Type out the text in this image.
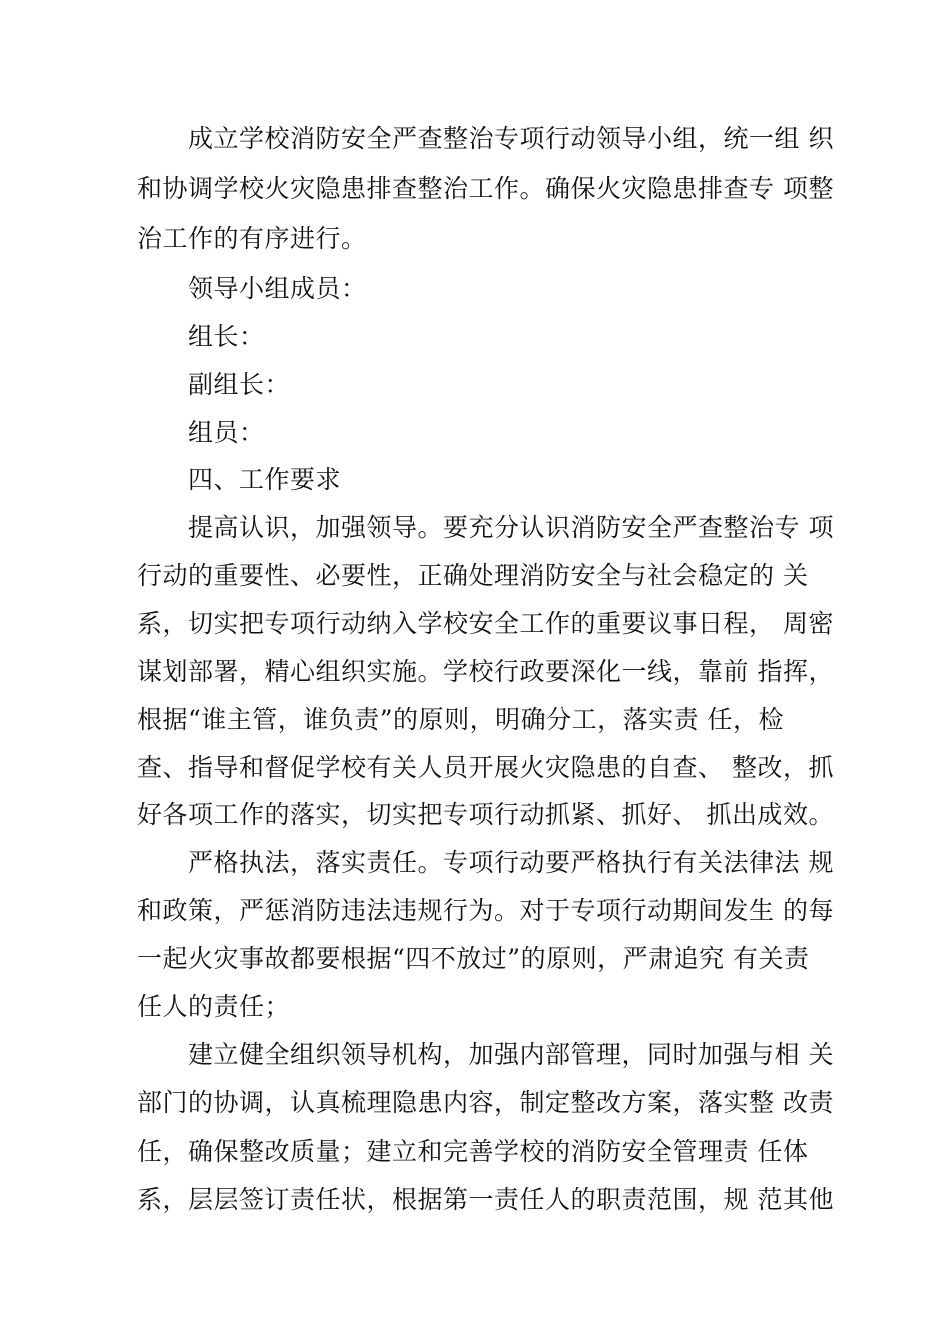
成立学校消防安全严查整治专项行动领导小组，统一组 织
和协调学校火灾隐患排查整治工作。确保火灾隐患排查专 项整
治工作的有序进行。
领导小组成员：
组长：
副组长：
组员：
四、工作要求
提高认识，加强领导。要充分认识消防安全严查整治专 项
行动的重要性、必要性，正确处理消防安全与社会稳定的 关
系，切实把专项行动纳入学校安全工作的重要议事日程， 周密
谋划部署，精心组织实施。学校行政要深化一线，靠前 指挥，
根据“谁主管，谁负责”的原则，明确分工，落实责 任，检
查、指导和督促学校有关人员开展火灾隐患的自查、 整改，抓
好各项工作的落实，切实把专项行动抓紧、抓好、 抓出成效。
严格执法，落实责任。专项行动要严格执行有关法律法 规
和政策，严惩消防违法违规行为。对于专项行动期间发生 的每
一起火灾事故都要根据“四不放过”的原则，严肃追究 有关责
任人的责任；
建立健全组织领导机构，加强内部管理，同时加强与相 关
部门的协调，认真梳理隐患内容，制定整改方案，落实整 改责
任，确保整改质量；建立和完善学校的消防安全管理责 任体
系，层层签订责任状，根据第一责任人的职责范围，规 范其他
